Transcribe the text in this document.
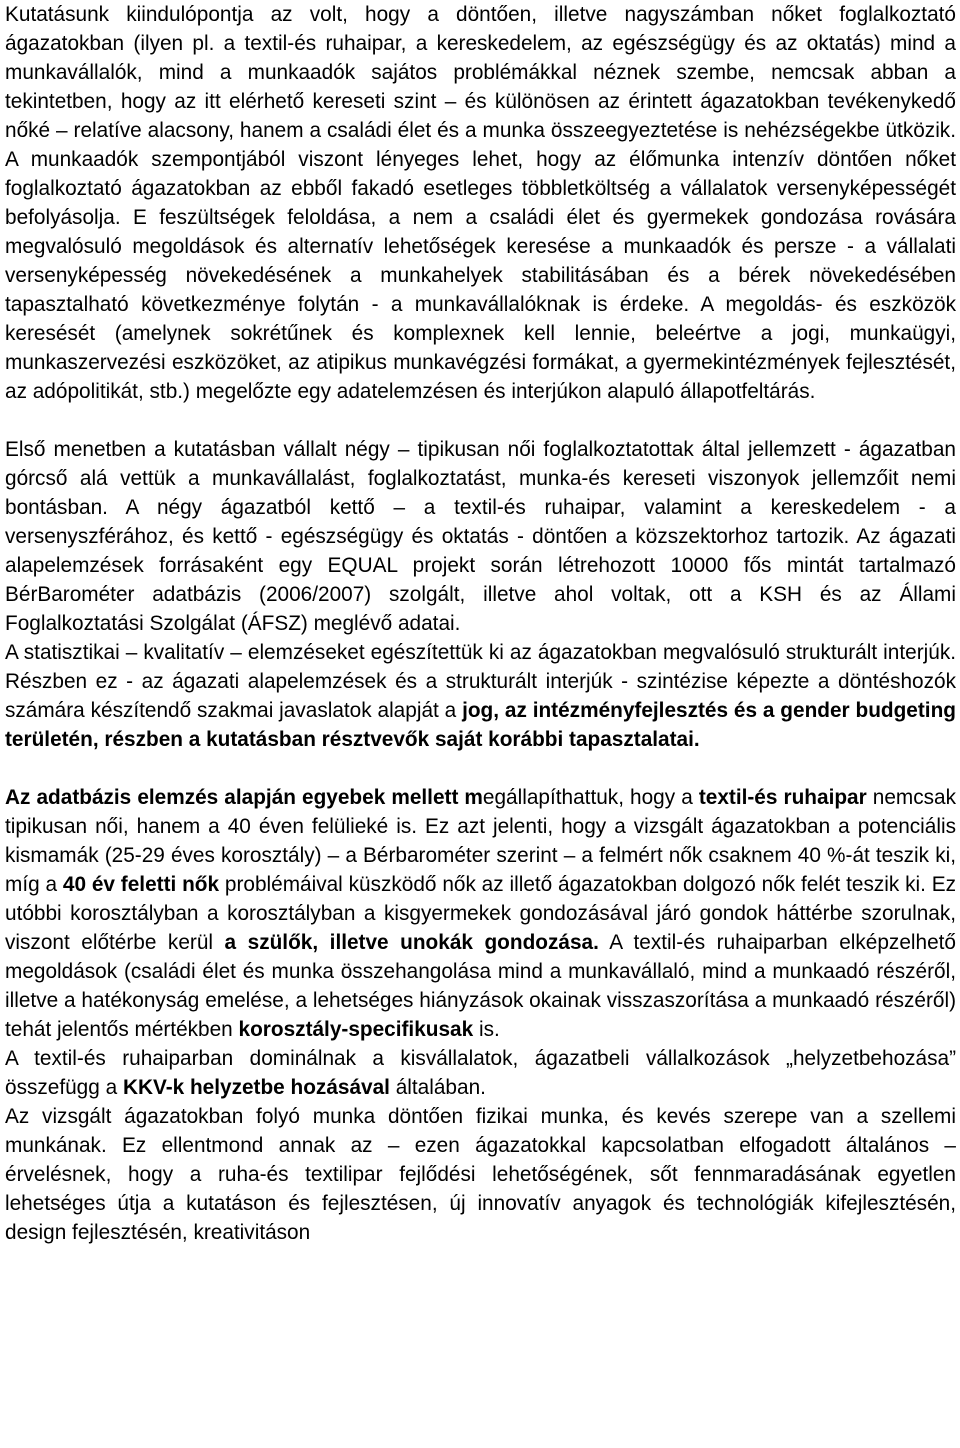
Kutatásunk kiindulópontja az volt, hogy a döntően, illetve nagyszámban nőket foglalkoztató ágazatokban (ilyen pl. a textil-és ruhaipar, a kereskedelem, az egészségügy és az oktatás) mind a munkavállalók, mind a munkaadók sajátos problémákkal néznek szembe, nemcsak abban a tekintetben, hogy az itt elérhető kereseti szint – és különösen az érintett ágazatokban tevékenykedő nőké – relatíve alacsony, hanem a családi élet és a munka összeegyeztetése is nehézségekbe ütközik. A munkaadók szempontjából viszont lényeges lehet, hogy az élőmunka intenzív döntően nőket foglalkoztató ágazatokban az ebből fakadó esetleges többletköltség a vállalatok versenyképességét befolyásolja. E feszültségek feloldása, a nem a családi élet és gyermekek gondozása rovására megvalósuló megoldások és alternatív lehetőségek keresése a munkaadók és persze - a vállalati versenyképesség növekedésének a munkahelyek stabilitásában és a bérek növekedésében tapasztalható következménye folytán - a munkavállalóknak is érdeke. A megoldás- és eszközök keresését (amelynek sokrétűnek és komplexnek kell lennie, beleértve a jogi, munkaügyi, munkaszervezési eszközöket, az atipikus munkavégzési formákat, a gyermekintézmények fejlesztését, az adópolitikát, stb.) megelőzte egy adatelemzésen és interjúkon alapuló állapotfeltárás.

Első menetben a kutatásban vállalt négy – tipikusan női foglalkoztatottak által jellemzett - ágazatban górcső alá vettük a munkavállalást, foglalkoztatást, munka-és kereseti viszonyok jellemzőit nemi bontásban. A négy ágazatból kettő – a textil-és ruhaipar, valamint a kereskedelem - a versenyszférához, és kettő - egészségügy és oktatás - döntően a közszektorhoz tartozik. Az ágazati alapelemzések forrásaként egy EQUAL projekt során létrehozott 10000 fős mintát tartalmazó BérBarométer adatbázis (2006/2007) szolgált, illetve ahol voltak, ott a KSH és az Állami Foglalkoztatási Szolgálat (ÁFSZ) meglévő adatai.

A statisztikai – kvalitatív – elemzéseket egészítettük ki az ágazatokban megvalósuló strukturált interjúk. Részben ez - az ágazati alapelemzések és a strukturált interjúk - szintézise képezte a döntéshozók számára készítendő szakmai javaslatok alapját a jog, az intézményfejlesztés és a gender budgeting területén, részben a kutatásban résztvevők saját korábbi tapasztalatai.

Az adatbázis elemzés alapján egyebek mellett megállapíthattuk, hogy a textil-és ruhaipar nemcsak tipikusan női, hanem a 40 éven felülieké is. Ez azt jelenti, hogy a vizsgált ágazatokban a potenciális kismamák (25-29 éves korosztály) – a Bérbarométer szerint – a felmért nők csaknem 40 %-át teszik ki, míg a 40 év feletti nők problémáival küszködő nők az illető ágazatokban dolgozó nők felét teszik ki. Ez utóbbi korosztályban a korosztályban a kisgyermekek gondozásával járó gondok háttérbe szorulnak, viszont előtérbe kerül a szülők, illetve unokák gondozása. A textil-és ruhaiparban elképzelhető megoldások (családi élet és munka összehangolása mind a munkavállaló, mind a munkaadó részéről, illetve a hatékonyság emelése, a lehetséges hiányzások okainak visszaszorítása a munkaadó részéről) tehát jelentős mértékben korosztály-specifikusak is.

A textil-és ruhaiparban dominálnak a kisvállalatok, ágazatbeli vállalkozások „helyzetbehozása” összefügg a KKV-k helyzetbe hozásával általában.

Az vizsgált ágazatokban folyó munka döntően fizikai munka, és kevés szerepe van a szellemi munkának. Ez ellentmond annak az – ezen ágazatokkal kapcsolatban elfogadott általános – érvelésnek, hogy a ruha-és textilipar fejlődési lehetőségének, sőt fennmaradásának egyetlen lehetséges útja a kutatáson és fejlesztésen, új innovatív anyagok és technológiák kifejlesztésén, design fejlesztésén, kreativitáson
